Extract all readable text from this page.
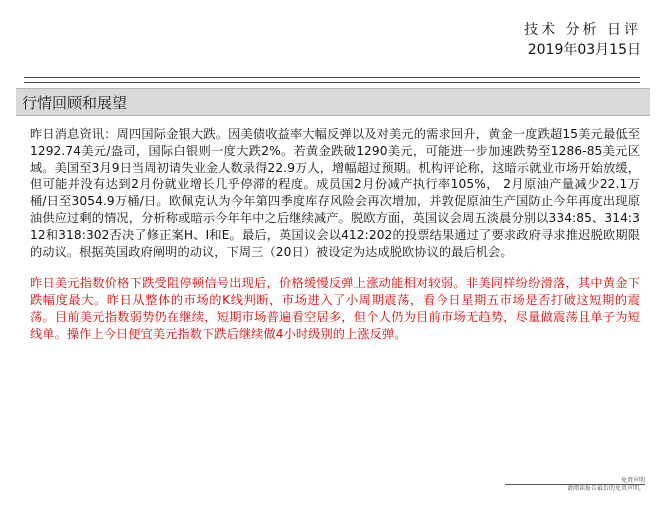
技术 分析 日评
2019年03月15日
行情回顾和展望

昨日消息资讯：周四国际金银大跌。因美债收益率大幅反弹以及对美元的需求回升，黄金一度跌超15美元最低至1292.74美元/盎司，国际白银则一度大跌2%。若黄金跌破1290美元，可能进一步加速跌势至1286-85美元区域。美国至3月9日当周初请失业金人数录得22.9万人，增幅超过预期。机构评论称，这暗示就业市场开始放缓，但可能并没有达到2月份就业增长几乎停滞的程度。成员国2月份减产执行率105%， 2月原油产量减少22.1万桶/日至3054.9万桶/日。欧佩克认为今年第四季度库存风险会再次增加，并敦促原油生产国防止今年再度出现原油供应过剩的情况，分析称或暗示今年年中之后继续减产。脱欧方面，英国议会周五淡晨分别以334:85、314:312和318:302否决了修正案H、I和E。最后，英国议会以412:202的投票结果通过了要求政府寻求推迟脱欧期限的动议。根据英国政府阐明的动议，下周三（20日）被设定为达成脱欧协议的最后机会。

昨日美元指数价格下跌受阻停顿信号出现后，价格缓慢反弹上涨动能相对较弱。非美同样纷纷滑落，其中黄金下跌幅度最大。昨日从整体的市场的K线判断，市场进入了小周期震荡，看今日星期五市场是否打破这短期的震荡。目前美元指数弱势仍在继续，短期市场普遍看空居多，但个人仍为目前市场无趋势，尽量做震荡且单子为短线单。操作上今日便宜美元指数下跌后继续做4小时级别的上涨反弹。

免责声明
请阅读报告最后的免责声明。
